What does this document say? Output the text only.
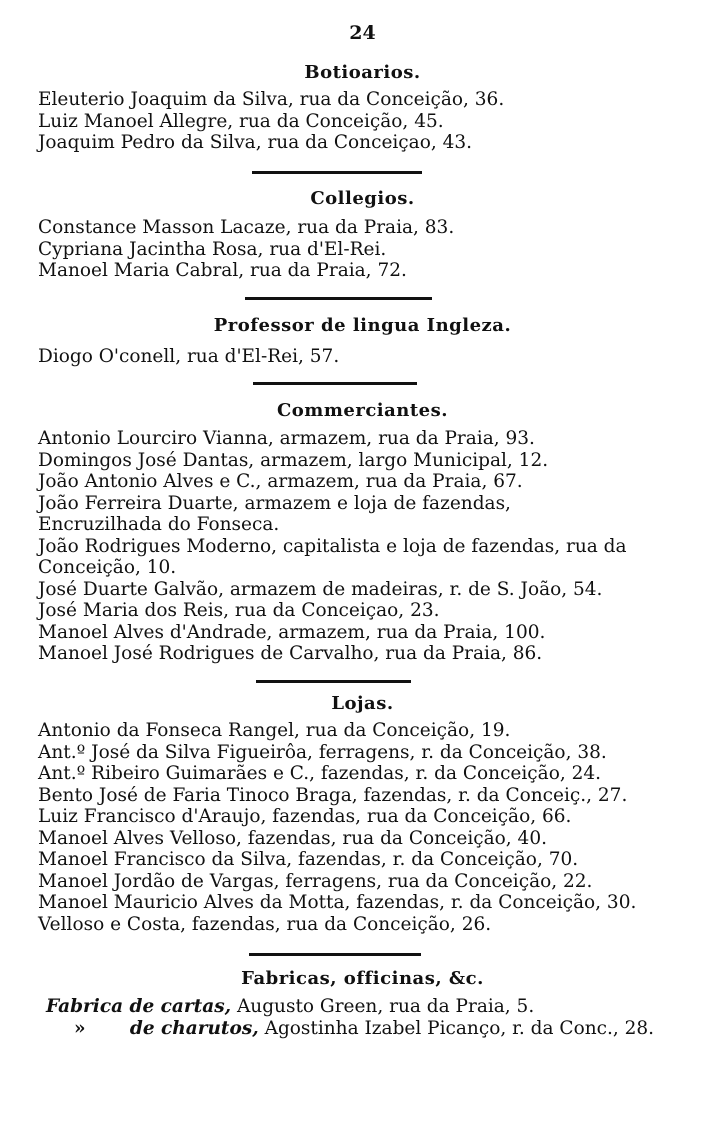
24
Botioarios.
Eleuterio Joaquim da Silva, rua da Conceição, 36.
Luiz Manoel Allegre, rua da Conceição, 45.
Joaquim Pedro da Silva, rua da Conceiçao, 43.
Collegios.
Constance Masson Lacaze, rua da Praia, 83.
Cypriana Jacintha Rosa, rua d'El-Rei.
Manoel Maria Cabral, rua da Praia, 72.
Professor de lingua Ingleza.
Diogo O'conell, rua d'El-Rei, 57.
Commerciantes.
Antonio Lourciro Vianna, armazem, rua da Praia, 93.
Domingos José Dantas, armazem, largo Municipal, 12.
João Antonio Alves e C., armazem, rua da Praia, 67.
João Ferreira Duarte, armazem e loja de fazendas, Encruzilhada do Fonseca.
João Rodrigues Moderno, capitalista e loja de fazendas, rua da Conceição, 10.
José Duarte Galvão, armazem de madeiras, r. de S. João, 54.
José Maria dos Reis, rua da Conceiçao, 23.
Manoel Alves d'Andrade, armazem, rua da Praia, 100.
Manoel José Rodrigues de Carvalho, rua da Praia, 86.
Lojas.
Antonio da Fonseca Rangel, rua da Conceição, 19.
Ant.º José da Silva Figueirôa, ferragens, r. da Conceição, 38.
Ant.º Ribeiro Guimarães e C., fazendas, r. da Conceição, 24.
Bento José de Faria Tinoco Braga, fazendas, r. da Conceiç., 27.
Luiz Francisco d'Araujo, fazendas, rua da Conceição, 66.
Manoel Alves Velloso, fazendas, rua da Conceição, 40.
Manoel Francisco da Silva, fazendas, r. da Conceição, 70.
Manoel Jordão de Vargas, ferragens, rua da Conceição, 22.
Manoel Mauricio Alves da Motta, fazendas, r. da Conceição, 30.
Velloso e Costa, fazendas, rua da Conceição, 26.
Fabricas, officinas, &c.
Fabrica de cartas, Augusto Green, rua da Praia, 5.
» de charutos, Agostinha Izabel Picanço, r. da Conc., 28.
